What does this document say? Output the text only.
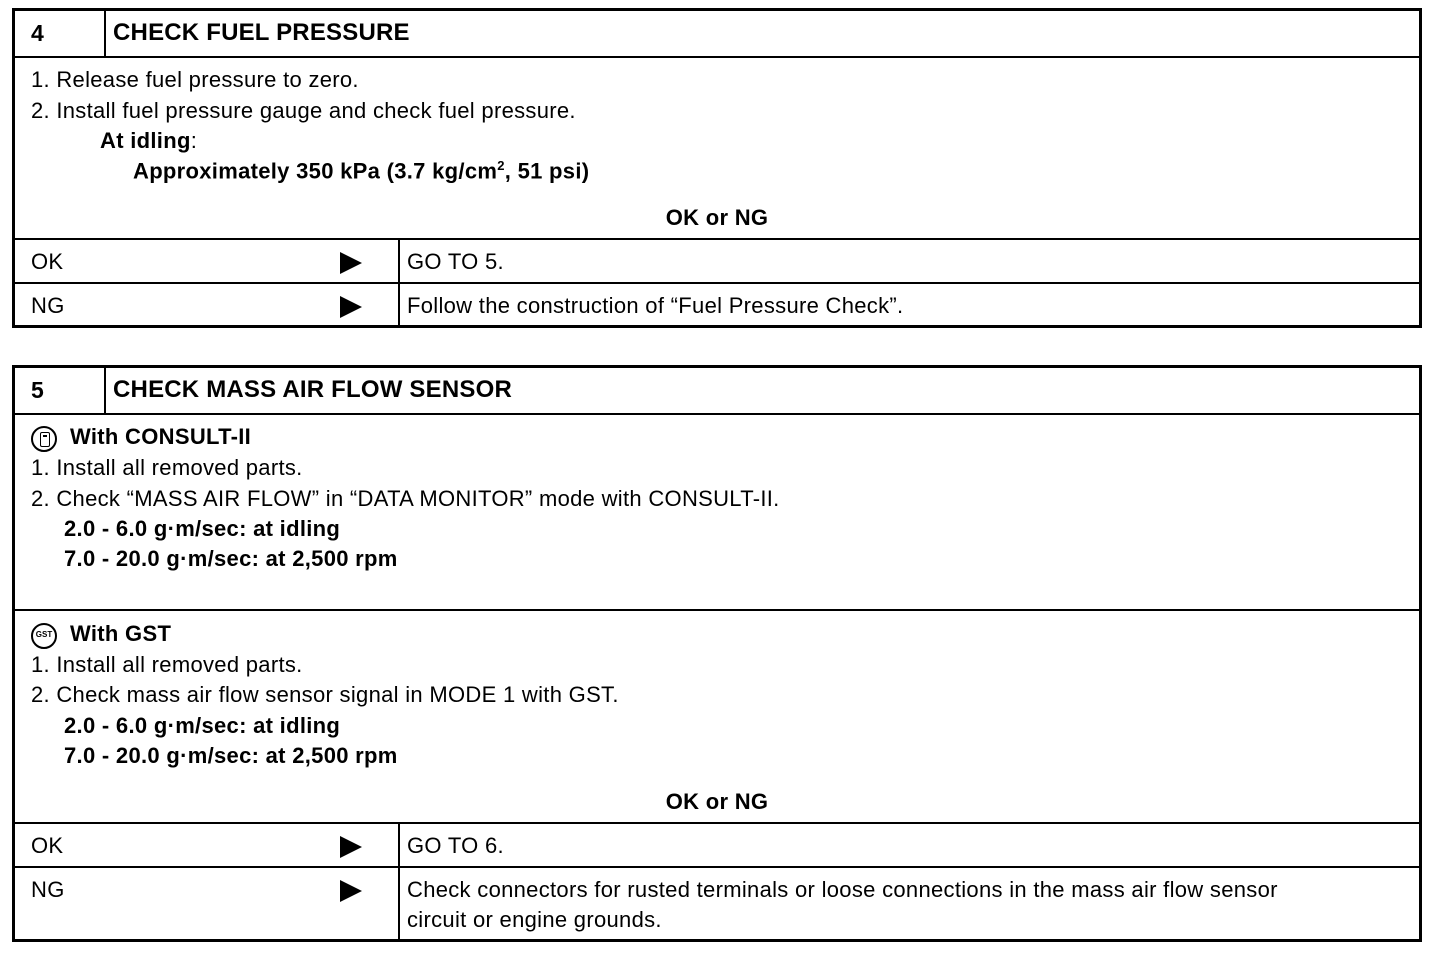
4	CHECK FUEL PRESSURE
1. Release fuel pressure to zero.
2. Install fuel pressure gauge and check fuel pressure.
At idling:
Approximately 350 kPa (3.7 $kg/cm^2$, 51 psi)
OK or NG
OK	GO TO 5.
NG	Follow the construction of “Fuel Pressure Check”.
5	CHECK MASS AIR FLOW SENSOR
With CONSULT-II
1. Install all removed parts.
2. Check “MASS AIR FLOW” in “DATA MONITOR” mode with CONSULT-II.
2.0 - 6.0 g·m/sec: at idling
7.0 - 20.0 g·m/sec: at 2,500 rpm
GST With GST
1. Install all removed parts.
2. Check mass air flow sensor signal in MODE 1 with GST.
2.0 - 6.0 g·m/sec: at idling
7.0 - 20.0 g·m/sec: at 2,500 rpm
OK or NG
OK	GO TO 6.
NG	Check connectors for rusted terminals or loose connections in the mass air flow sensor
circuit or engine grounds.
